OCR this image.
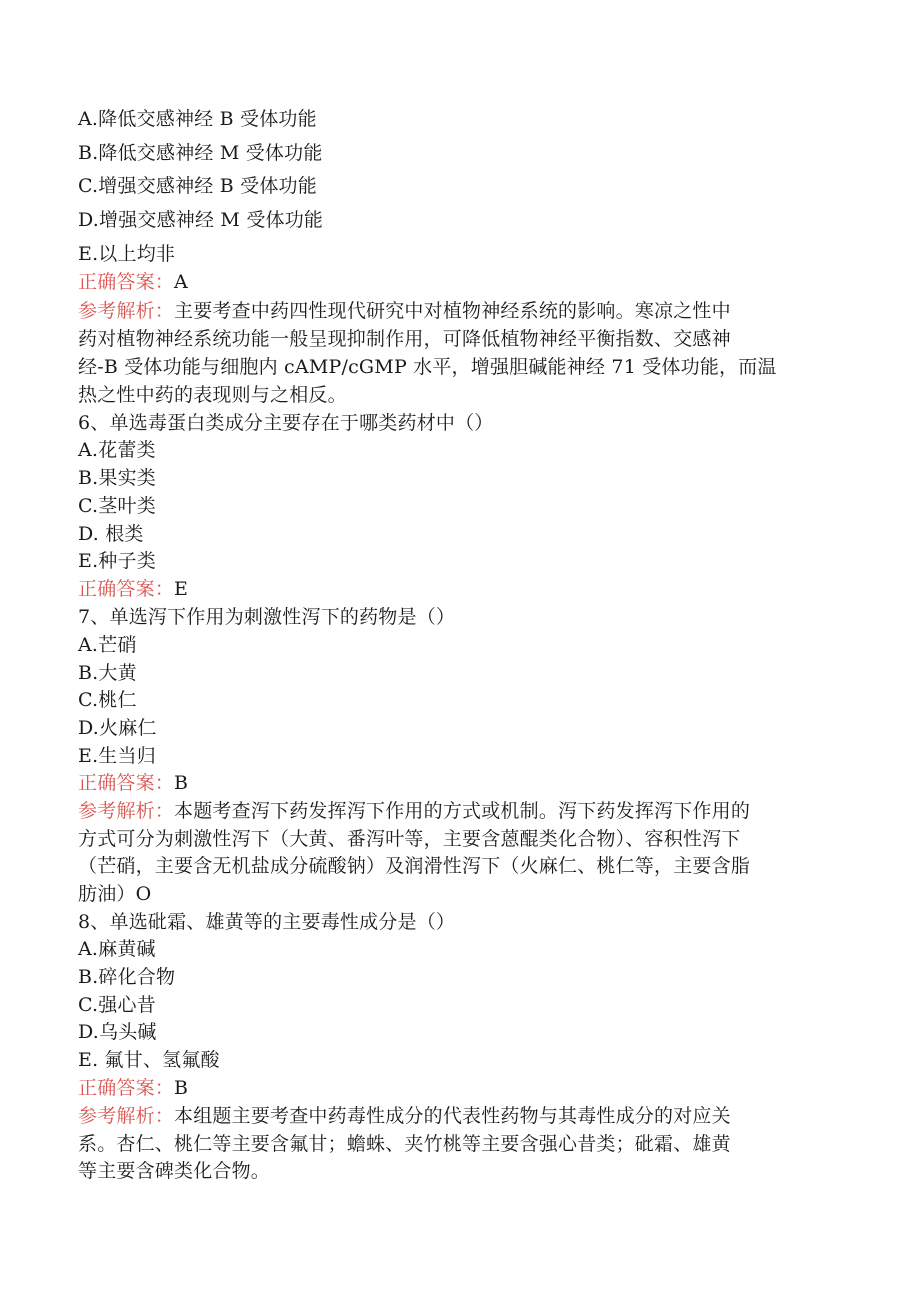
A.降低交感神经 B 受体功能
B.降低交感神经 M 受体功能
C.增强交感神经 B 受体功能
D.增强交感神经 M 受体功能
E.以上均非
正确答案：A
参考解析：主要考查中药四性现代研究中对植物神经系统的影响。寒凉之性中
药对植物神经系统功能一般呈现抑制作用，可降低植物神经平衡指数、交感神
经-B 受体功能与细胞内 cAMP/cGMP 水平，增强胆碱能神经 71 受体功能，而温
热之性中药的表现则与之相反。
6、单选毒蛋白类成分主要存在于哪类药材中（）
A.花蕾类
B.果实类
C.茎叶类
D. 根类
E.种子类
正确答案：E
7、单选泻下作用为刺激性泻下的药物是（）
A.芒硝
B.大黄
C.桃仁
D.火麻仁
E.生当归
正确答案：B
参考解析：本题考查泻下药发挥泻下作用的方式或机制。泻下药发挥泻下作用的
方式可分为刺激性泻下（大黄、番泻叶等，主要含蒽醌类化合物）、容积性泻下
（芒硝，主要含无机盐成分硫酸钠）及润滑性泻下（火麻仁、桃仁等，主要含脂
肪油）O
8、单选砒霜、雄黄等的主要毒性成分是（）
A.麻黄碱
B.碎化合物
C.强心昔
D.乌头碱
E. 氟甘、氢氟酸
正确答案：B
参考解析：本组题主要考查中药毒性成分的代表性药物与其毒性成分的对应关
系。杏仁、桃仁等主要含氟甘；蟾蛛、夹竹桃等主要含强心昔类；砒霜、雄黄
等主要含碑类化合物。
